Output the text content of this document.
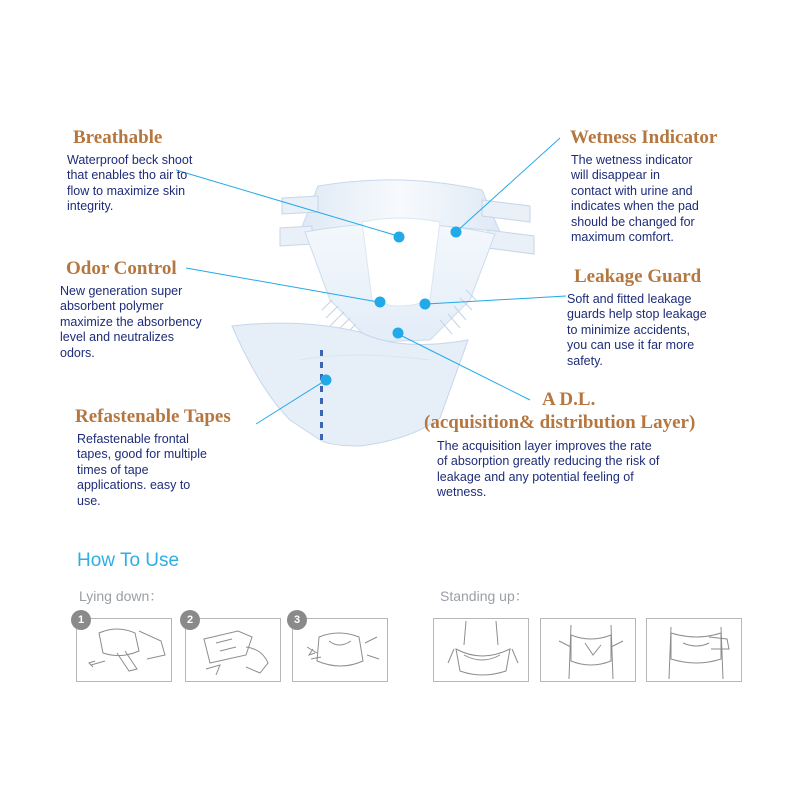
Breathable
Waterproof beck shoot
that enables tho air to
flow to maximize skin
integrity.
Odor Control
New generation super
absorbent polymer
maximize the absorbency
level and neutralizes
odors.
Refastenable Tapes
Refastenable frontal
tapes, good for multiple
times of tape
applications. easy to
use.
Wetness Indicator
The wetness indicator
will disappear in
contact with urine and
indicates when the pad
should be changed for
maximum comfort.
Leakage Guard
Soft and fitted leakage
guards help stop leakage
to minimize accidents,
you can use it far more
safety.
A D.L.
(acquisition& distribution Layer)
The acquisition layer improves the rate
of absorption greatly reducing the risk of
leakage and any potential feeling of
wetness.
How To Use
Lying down：	Standing up：
1	2	3
